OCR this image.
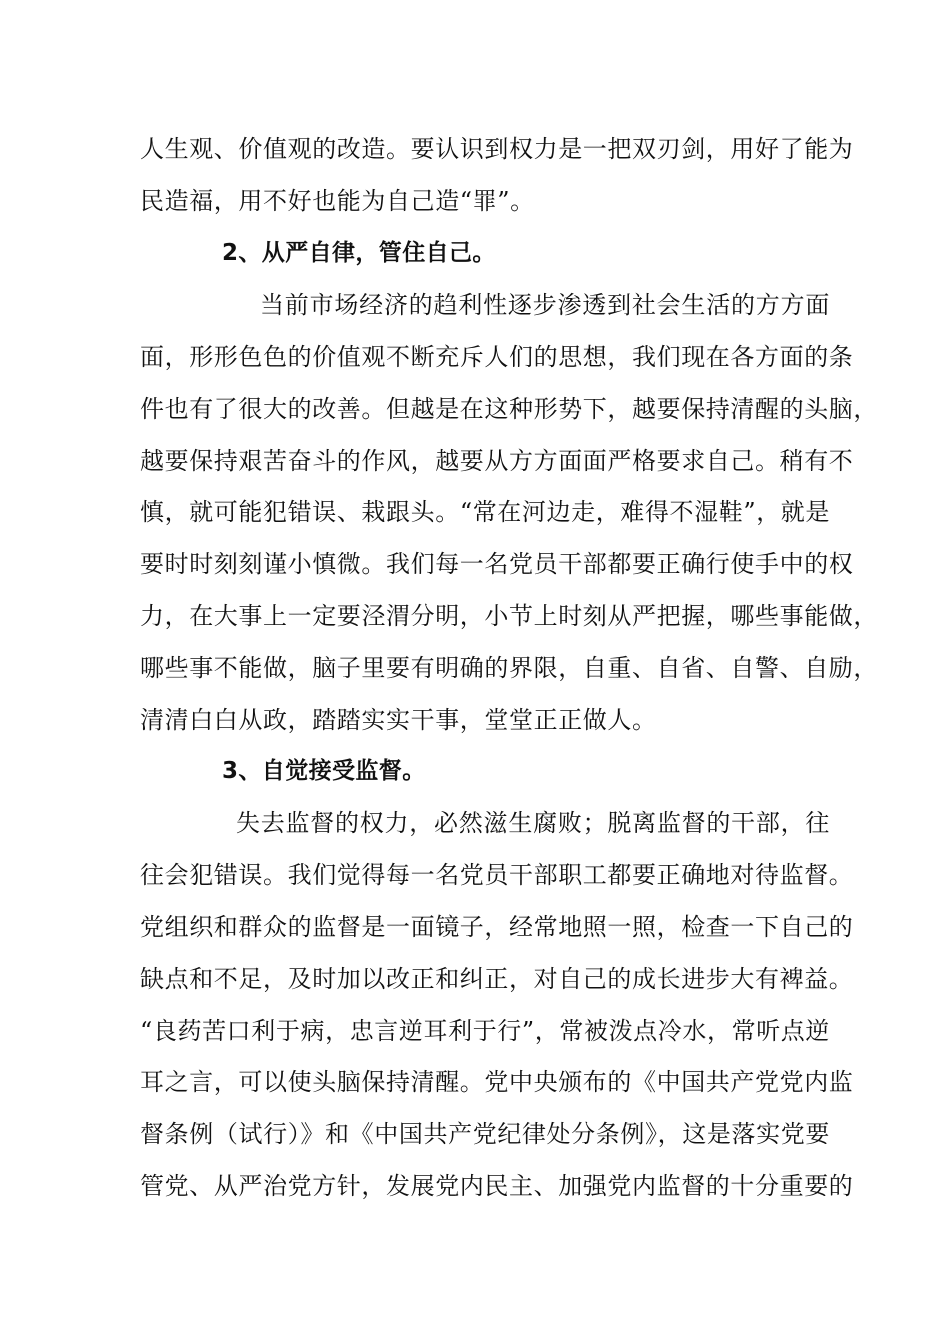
人生观、价值观的改造。要认识到权力是一把双刃剑，用好了能为
民造福，用不好也能为自己造“罪”。
2、从严自律，管住自己。
当前市场经济的趋利性逐步渗透到社会生活的方方面
面，形形色色的价值观不断充斥人们的思想，我们现在各方面的条
件也有了很大的改善。但越是在这种形势下，越要保持清醒的头脑，
越要保持艰苦奋斗的作风，越要从方方面面严格要求自己。稍有不
慎，就可能犯错误、栽跟头。“常在河边走，难得不湿鞋”，就是
要时时刻刻谨小慎微。我们每一名党员干部都要正确行使手中的权
力，在大事上一定要泾渭分明，小节上时刻从严把握，哪些事能做，
哪些事不能做，脑子里要有明确的界限，自重、自省、自警、自励，
清清白白从政，踏踏实实干事，堂堂正正做人。
3、自觉接受监督。
失去监督的权力，必然滋生腐败；脱离监督的干部，往
往会犯错误。我们觉得每一名党员干部职工都要正确地对待监督。
党组织和群众的监督是一面镜子，经常地照一照，检查一下自己的
缺点和不足，及时加以改正和纠正，对自己的成长进步大有裨益。
“良药苦口利于病，忠言逆耳利于行”，常被泼点冷水，常听点逆
耳之言，可以使头脑保持清醒。党中央颁布的《中国共产党党内监
督条例（试行）》和《中国共产党纪律处分条例》，这是落实党要
管党、从严治党方针，发展党内民主、加强党内监督的十分重要的
